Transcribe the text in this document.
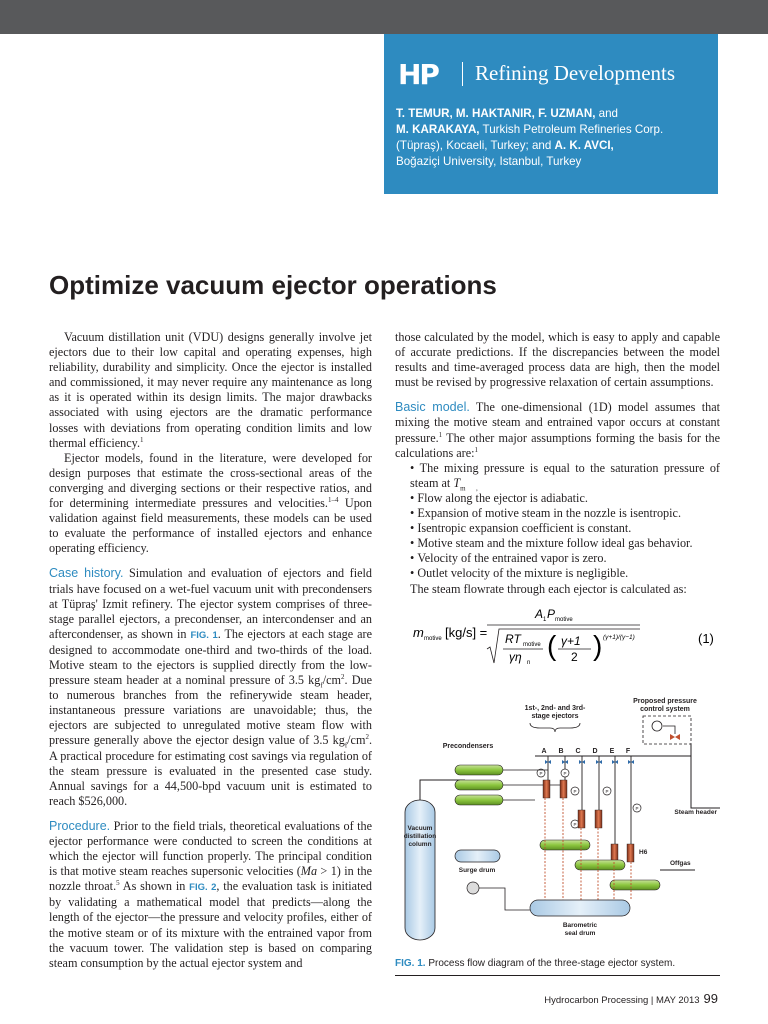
HP Refining Developments
T. TEMUR, M. HAKTANIR, F. UZMAN, and
M. KARAKAYA, Turkish Petroleum Refineries Corp. (Tüpraş), Kocaeli, Turkey; and A. K. AVCI,
Boğaziçi University, Istanbul, Turkey
Optimize vacuum ejector operations

Vacuum distillation unit (VDU) designs generally involve jet ejectors due to their low capital and operating expenses, high reliability, durability and simplicity. Once the ejector is installed and commissioned, it may never require any maintenance as long as it is operated within its design limits. The major drawbacks associated with using ejectors are the dramatic performance losses with deviations from operating condition limits and low thermal efficiency.$^1$

Ejector models, found in the literature, were developed for design purposes that estimate the cross-sectional areas of the converging and diverging sections or their respective ratios, and for determining intermediate pressures and velocities.$^{1-4}$ Upon validation against field measurements, these models can be used to evaluate the performance of installed ejectors and enhance operating efficiency.

Case history. Simulation and evaluation of ejectors and field trials have focused on a wet-fuel vacuum unit with precondensers at Tüpraş' Izmit refinery. The ejector system comprises of three-stage parallel ejectors, a precondenser, an intercondenser and an aftercondenser, as shown in FIG. 1. The ejectors at each stage are designed to accommodate one-third and two-thirds of the load. Motive steam to the ejectors is supplied directly from the low-pressure steam header at a nominal pressure of 3.5 $kg_f/cm^2$. Due to numerous branches from the refinerywide steam header, instantaneous pressure variations are unavoidable; thus, the ejectors are subjected to unregulated motive steam flow with pressure generally above the ejector design value of 3.5 $kg_f/cm^2$. A practical procedure for estimating cost savings via regulation of the steam pressure is evaluated in the presented case study. Annual savings for a 44,500-bpd vacuum unit is estimated to reach $526,000.

Procedure. Prior to the field trials, theoretical evaluations of the ejector performance were conducted to screen the conditions at which the ejector will function properly. The principal condition is that motive steam reaches supersonic velocities (Ma > 1) in the nozzle throat.$^5$ As shown in FIG. 2, the evaluation task is initiated by validating a mathematical model that predicts—along the length of the ejector—the pressure and velocity profiles, either of the motive steam or of its mixture with the entrained vapor from the vacuum tower. The validation step is based on comparing steam consumption by the actual ejector system and

those calculated by the model, which is easy to apply and capable of accurate predictions. If the discrepancies between the model results and time-averaged process data are high, then the model must be revised by progressive relaxation of certain assumptions.

Basic model. The one-dimensional (1D) model assumes that mixing the motive steam and entrained vapor occurs at constant pressure.$^1$ The other major assumptions forming the basis for the calculations are:$^1$

• The mixing pressure is equal to the saturation pressure of steam at $T_{m ,}$
• Flow along the ejector is adiabatic.
• Expansion of motive steam in the nozzle is isentropic.
• Isentropic expansion coefficient is constant.
• Motive steam and the mixture follow ideal gas behavior.
• Velocity of the entrained vapor is zero.
• Outlet velocity of the mixture is negligible.

The steam flowrate through each ejector is calculated as:

m motive [kg/s] =
A 1 P motive
RT motive
γη n
( γ+1
2 ) (γ+1)/(γ−1)	(1)
1st-, 2nd- and 3rd-
stage ejectors
Proposed pressure
control system
Precondensers
A B C D E F
Steam header
P	P
P	P
P
P
Vacuum
distillation
column
H6
Offgas
Surge drum
Barometric
seal drum
FIG. 1. Process flow diagram of the three-stage ejector system.
Hydrocarbon Processing | MAY 2013 99
